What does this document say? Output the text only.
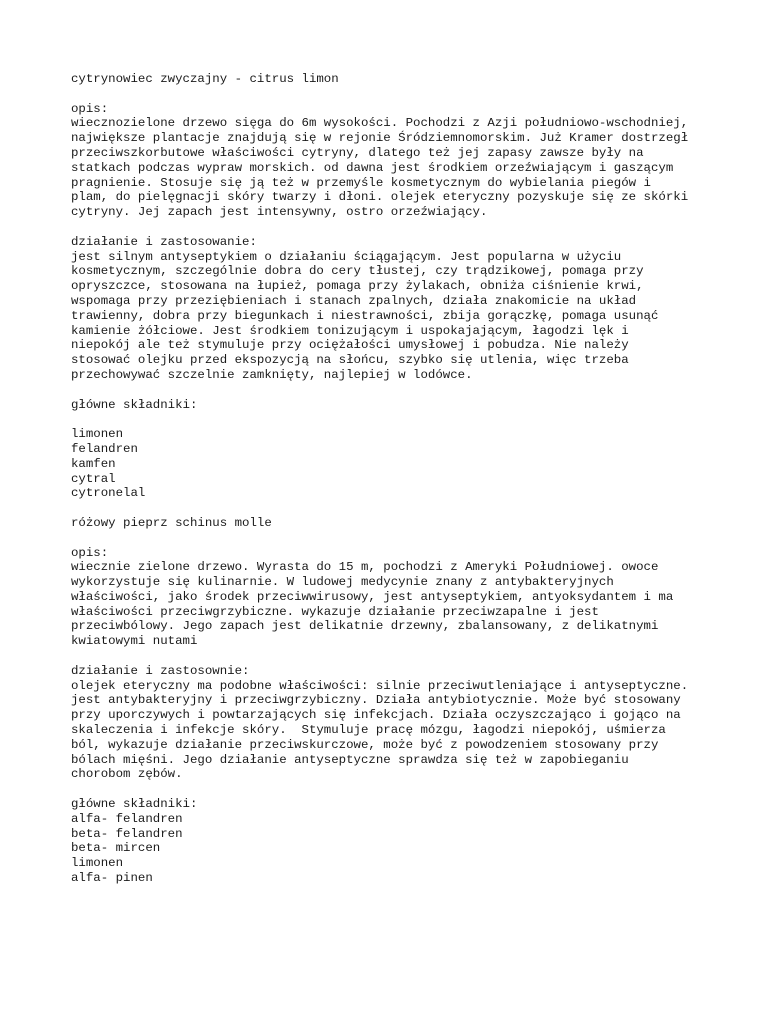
cytrynowiec zwyczajny - citrus limon
opis:
wiecznozielone drzewo sięga do 6m wysokości. Pochodzi z Azji południowo-wschodniej,
największe plantacje znajdują się w rejonie Śródziemnomorskim. Już Kramer dostrzegł
przeciwszkorbutowe właściwości cytryny, dlatego też jej zapasy zawsze były na
statkach podczas wypraw morskich. od dawna jest środkiem orzeźwiającym i gaszącym
pragnienie. Stosuje się ją też w przemyśle kosmetycznym do wybielania piegów i
plam, do pielęgnacji skóry twarzy i dłoni. olejek eteryczny pozyskuje się ze skórki
cytryny. Jej zapach jest intensywny, ostro orzeźwiający.
działanie i zastosowanie:
jest silnym antyseptykiem o działaniu ściągającym. Jest popularna w użyciu
kosmetycznym, szczególnie dobra do cery tłustej, czy trądzikowej, pomaga przy
opryszczce, stosowana na łupież, pomaga przy żylakach, obniża ciśnienie krwi,
wspomaga przy przeziębieniach i stanach zpalnych, działa znakomicie na układ
trawienny, dobra przy biegunkach i niestrawności, zbija gorączkę, pomaga usunąć
kamienie żółciowe. Jest środkiem tonizującym i uspokajającym, łagodzi lęk i
niepokój ale też stymuluje przy ociężałości umysłowej i pobudza. Nie należy
stosować olejku przed ekspozycją na słońcu, szybko się utlenia, więc trzeba
przechowywać szczelnie zamknięty, najlepiej w lodówce.
główne składniki:
limonen
felandren
kamfen
cytral
cytronelal
różowy pieprz schinus molle
opis:
wiecznie zielone drzewo. Wyrasta do 15 m, pochodzi z Ameryki Południowej. owoce
wykorzystuje się kulinarnie. W ludowej medycynie znany z antybakteryjnych
właściwości, jako środek przeciwwirusowy, jest antyseptykiem, antyoksydantem i ma
właściwości przeciwgrzybiczne. wykazuje działanie przeciwzapalne i jest
przeciwbólowy. Jego zapach jest delikatnie drzewny, zbalansowany, z delikatnymi
kwiatowymi nutami
działanie i zastosownie:
olejek eteryczny ma podobne właściwości: silnie przeciwutleniające i antyseptyczne.
jest antybakteryjny i przeciwgrzybiczny. Działa antybiotycznie. Może być stosowany
przy uporczywych i powtarzających się infekcjach. Działa oczyszczająco i gojąco na
skaleczenia i infekcje skóry.  Stymuluje pracę mózgu, łagodzi niepokój, uśmierza
ból, wykazuje działanie przeciwskurczowe, może być z powodzeniem stosowany przy
bólach mięśni. Jego działanie antyseptyczne sprawdza się też w zapobieganiu
chorobom zębów.
główne składniki:
alfa- felandren
beta- felandren
beta- mircen
limonen
alfa- pinen
